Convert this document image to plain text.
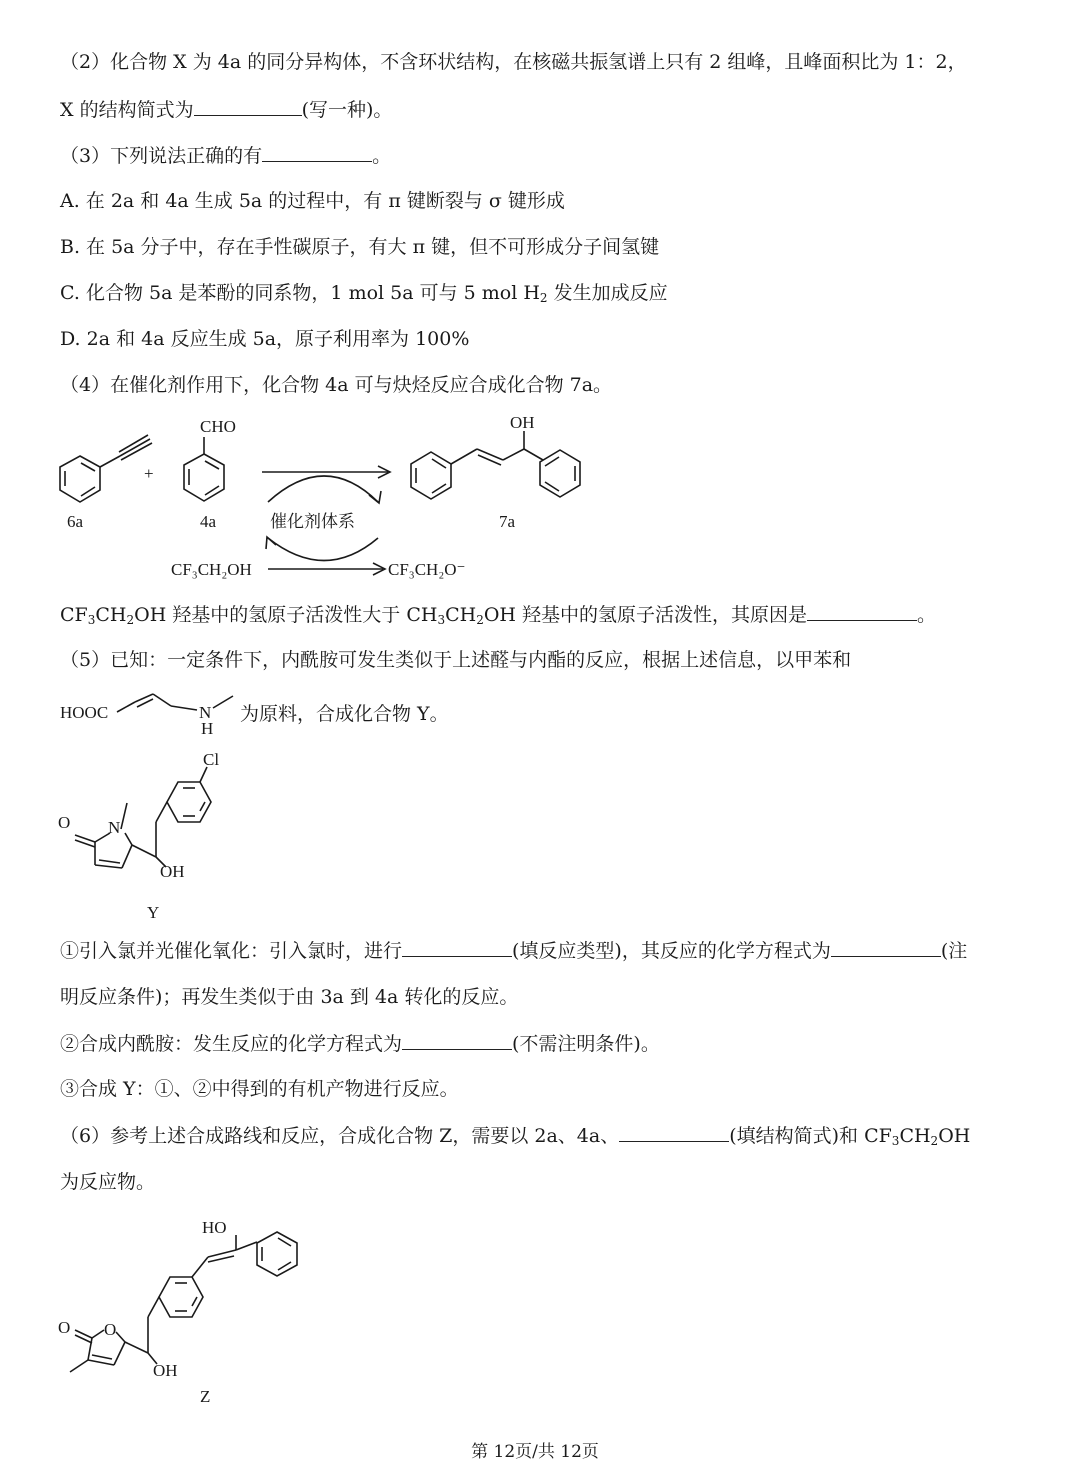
（2）化合物 X 为 4a 的同分异构体，不含环状结构，在核磁共振氢谱上只有 2 组峰，且峰面积比为 1：2，
X 的结构简式为	(写一种)。
（3）下列说法正确的有	。
A. 在 2a 和 4a 生成 5a 的过程中，有 π 键断裂与 σ 键形成
B. 在 5a 分子中，存在手性碳原子，有大 π 键，但不可形成分子间氢键
C. 化合物 5a 是苯酚的同系物，1 mol 5a 可与 5 mol $H_2$ 发生加成反应
D. 2a 和 4a 反应生成 5a，原子利用率为 100%
（4）在催化剂作用下，化合物 4a 可与炔烃反应合成化合物 7a。
6a
+
CHO
4a	催化剂体系
CF₃CH₂OH	CF₃CH₂O⁻
OH
7a
$CF_3CH_2OH$ 羟基中的氢原子活泼性大于 $CH_3CH_2OH$ 羟基中的氢原子活泼性，其原因是	。
（5）已知：一定条件下，内酰胺可发生类似于上述醛与内酯的反应，根据上述信息，以甲苯和
HOOC	N
H
为原料，合成化合物 Y。
Cl
O N
OH
Y
①引入氯并光催化氧化：引入氯时，进行	(填反应类型)，其反应的化学方程式为	(注
明反应条件)；再发生类似于由 3a 到 4a 转化的反应。
②合成内酰胺：发生反应的化学方程式为	(不需注明条件)。
③合成 Y：①、②中得到的有机产物进行反应。
（6）参考上述合成路线和反应，合成化合物 Z，需要以 2a、4a、	(填结构简式)和 $CF_3CH_2OH$
为反应物。
HO
O O
OH
Z
第 12页/共 12页
